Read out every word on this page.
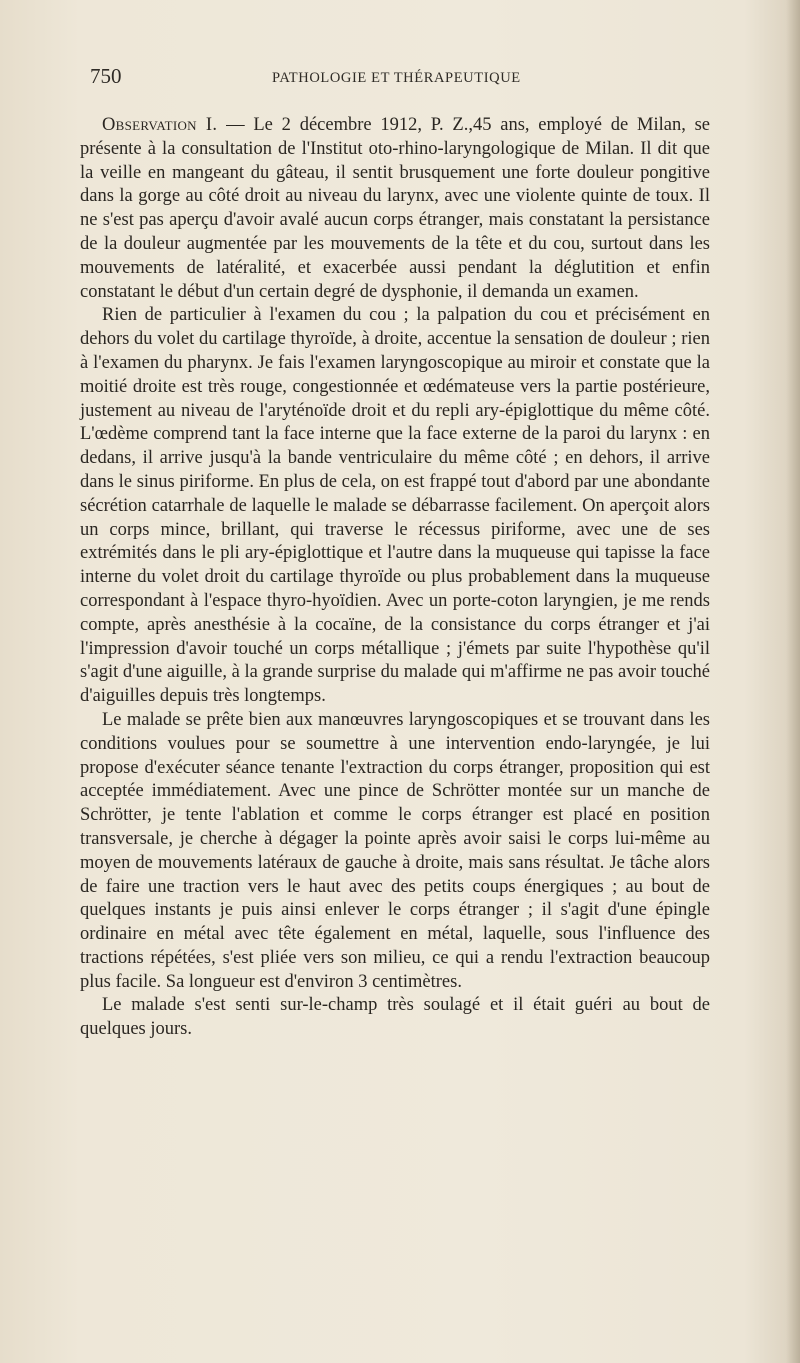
750	PATHOLOGIE ET THÉRAPEUTIQUE

Observation I. — Le 2 décembre 1912, P. Z.,45 ans, employé de Milan, se présente à la consultation de l'Institut oto-rhino-laryngologique de Milan. Il dit que la veille en mangeant du gâteau, il sentit brusquement une forte douleur pongitive dans la gorge au côté droit au niveau du larynx, avec une violente quinte de toux. Il ne s'est pas aperçu d'avoir avalé aucun corps étranger, mais constatant la persistance de la douleur augmentée par les mouvements de la tête et du cou, surtout dans les mouvements de latéralité, et exacerbée aussi pendant la déglutition et enfin constatant le début d'un certain degré de dysphonie, il demanda un examen.

Rien de particulier à l'examen du cou ; la palpation du cou et précisément en dehors du volet du cartilage thyroïde, à droite, accentue la sensation de douleur ; rien à l'examen du pharynx. Je fais l'examen laryngoscopique au miroir et constate que la moitié droite est très rouge, congestionnée et œdémateuse vers la partie postérieure, justement au niveau de l'aryténoïde droit et du repli ary-épiglottique du même côté. L'œdème comprend tant la face interne que la face externe de la paroi du larynx : en dedans, il arrive jusqu'à la bande ventriculaire du même côté ; en dehors, il arrive dans le sinus piriforme. En plus de cela, on est frappé tout d'abord par une abondante sécrétion catarrhale de laquelle le malade se débarrasse facilement. On aperçoit alors un corps mince, brillant, qui traverse le récessus piriforme, avec une de ses extrémités dans le pli ary-épiglottique et l'autre dans la muqueuse qui tapisse la face interne du volet droit du cartilage thyroïde ou plus probablement dans la muqueuse correspondant à l'espace thyro-hyoïdien. Avec un porte-coton laryngien, je me rends compte, après anesthésie à la cocaïne, de la consistance du corps étranger et j'ai l'impression d'avoir touché un corps métallique ; j'émets par suite l'hypothèse qu'il s'agit d'une aiguille, à la grande surprise du malade qui m'affirme ne pas avoir touché d'aiguilles depuis très longtemps.

Le malade se prête bien aux manœuvres laryngoscopiques et se trouvant dans les conditions voulues pour se soumettre à une intervention endo-laryngée, je lui propose d'exécuter séance tenante l'extraction du corps étranger, proposition qui est acceptée immédiatement. Avec une pince de Schrötter montée sur un manche de Schrötter, je tente l'ablation et comme le corps étranger est placé en position transversale, je cherche à dégager la pointe après avoir saisi le corps lui-même au moyen de mouvements latéraux de gauche à droite, mais sans résultat. Je tâche alors de faire une traction vers le haut avec des petits coups énergiques ; au bout de quelques instants je puis ainsi enlever le corps étranger ; il s'agit d'une épingle ordinaire en métal avec tête également en métal, laquelle, sous l'influence des tractions répétées, s'est pliée vers son milieu, ce qui a rendu l'extraction beaucoup plus facile. Sa longueur est d'environ 3 centimètres.

Le malade s'est senti sur-le-champ très soulagé et il était guéri au bout de quelques jours.
